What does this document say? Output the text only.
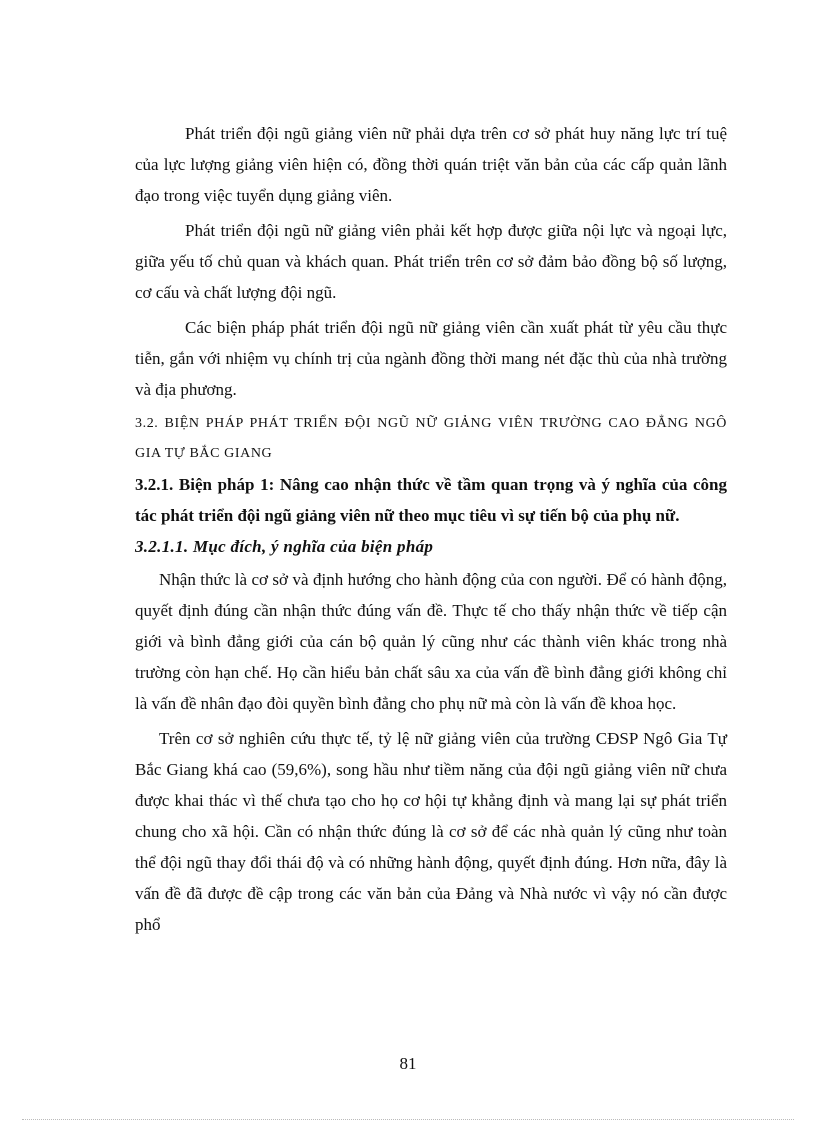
Phát triển đội ngũ giảng viên nữ phải dựa trên cơ sở phát huy năng lực trí tuệ của lực lượng giảng viên hiện có, đồng thời quán triệt văn bản của các cấp quản lãnh đạo trong việc tuyển dụng giảng viên.

Phát triển đội ngũ nữ giảng viên phải kết hợp được giữa nội lực và ngoại lực, giữa yếu tố chủ quan và khách quan. Phát triển trên cơ sở đảm bảo đồng bộ số lượng, cơ cấu và chất lượng đội ngũ.

Các biện pháp phát triển đội ngũ nữ giảng viên cần xuất phát từ yêu cầu thực tiễn, gắn với nhiệm vụ chính trị của ngành đồng thời mang nét đặc thù của nhà trường và địa phương.

3.2. BIỆN PHÁP PHÁT TRIỂN ĐỘI NGŨ NỮ GIẢNG VIÊN TRƯỜNG CAO ĐẲNG NGÔ GIA TỰ BẮC GIANG

3.2.1. Biện pháp 1: Nâng cao nhận thức về tầm quan trọng và ý nghĩa của công tác phát triển đội ngũ giảng viên nữ theo mục tiêu vì sự tiến bộ của phụ nữ.

3.2.1.1. Mục đích, ý nghĩa của biện pháp

Nhận thức là cơ sở và định hướng cho hành động của con người. Để có hành động, quyết định đúng cần nhận thức đúng vấn đề. Thực tế cho thấy nhận thức về tiếp cận giới và bình đẳng giới của cán bộ quản lý cũng như các thành viên khác trong nhà trường còn hạn chế. Họ cần hiểu bản chất sâu xa của vấn đề bình đẳng giới không chỉ là vấn đề nhân đạo đòi quyền bình đẳng cho phụ nữ mà còn là vấn đề khoa học.

Trên cơ sở nghiên cứu thực tế, tỷ lệ nữ giảng viên của trường CĐSP Ngô Gia Tự Bắc Giang khá cao (59,6%), song hầu như tiềm năng của đội ngũ giảng viên nữ chưa được khai thác vì thế chưa tạo cho họ cơ hội tự khẳng định và mang lại sự phát triển chung cho xã hội. Cần có nhận thức đúng là cơ sở để các nhà quản lý cũng như toàn thể đội ngũ thay đổi thái độ và có những hành động, quyết định đúng. Hơn nữa, đây là vấn đề đã được đề cập trong các văn bản của Đảng và Nhà nước vì vậy nó cần được phổ

81
